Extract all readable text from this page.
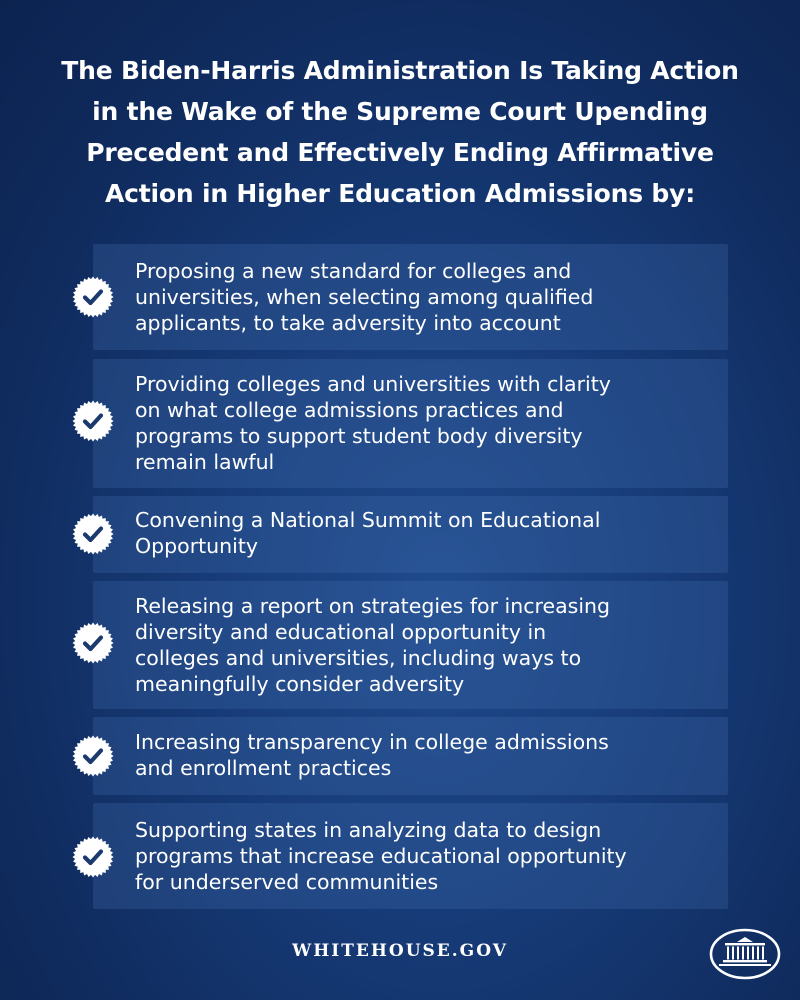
The Biden-Harris Administration Is Taking Action
in the Wake of the Supreme Court Upending
Precedent and Effectively Ending Affirmative
Action in Higher Education Admissions by:
Proposing a new standard for colleges and
universities, when selecting among qualified
applicants, to take adversity into account
Providing colleges and universities with clarity
on what college admissions practices and
programs to support student body diversity
remain lawful
Convening a National Summit on Educational
Opportunity
Releasing a report on strategies for increasing
diversity and educational opportunity in
colleges and universities, including ways to
meaningfully consider adversity
Increasing transparency in college admissions
and enrollment practices
Supporting states in analyzing data to design
programs that increase educational opportunity
for underserved communities
WHITEHOUSE.GOV
